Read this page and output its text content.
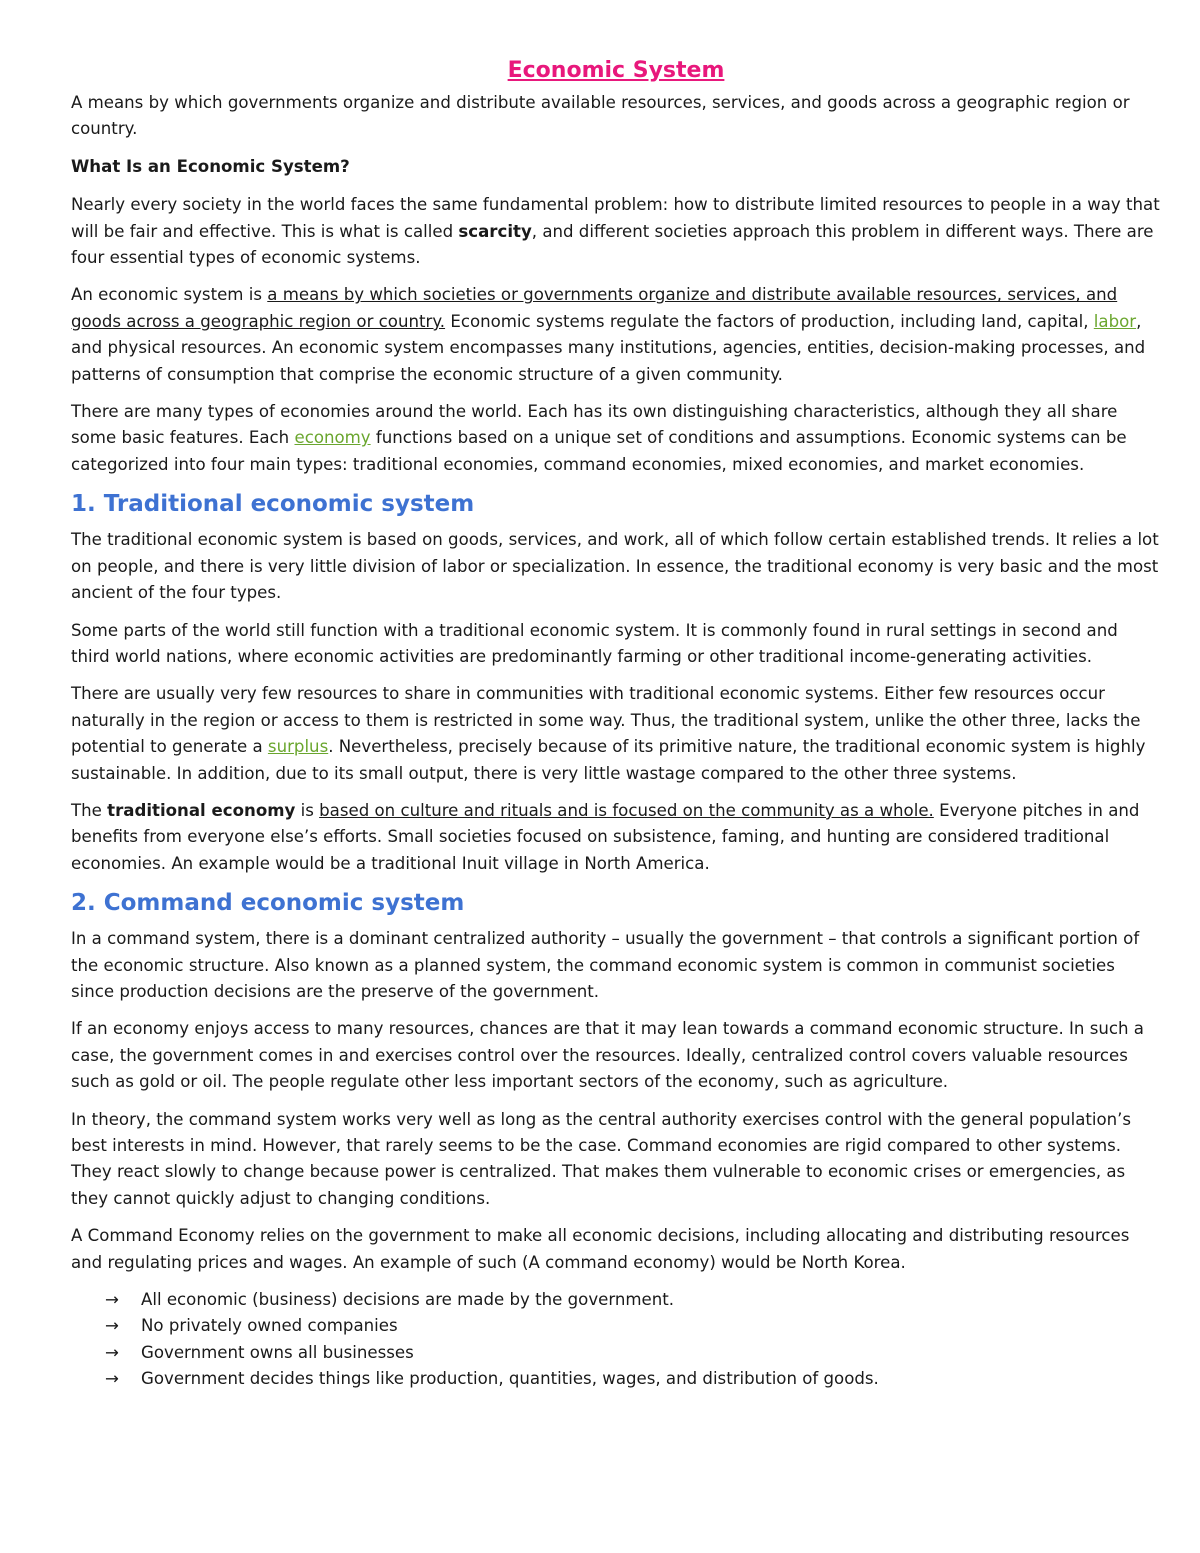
Economic System

A means by which governments organize and distribute available resources, services, and goods across a geographic region or country.

What Is an Economic System?

Nearly every society in the world faces the same fundamental problem: how to distribute limited resources to people in a way that will be fair and effective. This is what is called scarcity, and different societies approach this problem in different ways. There are four essential types of economic systems.

An economic system is a means by which societies or governments organize and distribute available resources, services, and goods across a geographic region or country. Economic systems regulate the factors of production, including land, capital, labor, and physical resources. An economic system encompasses many institutions, agencies, entities, decision-making processes, and patterns of consumption that comprise the economic structure of a given community.

There are many types of economies around the world. Each has its own distinguishing characteristics, although they all share some basic features. Each economy functions based on a unique set of conditions and assumptions. Economic systems can be categorized into four main types: traditional economies, command economies, mixed economies, and market economies.

1. Traditional economic system

The traditional economic system is based on goods, services, and work, all of which follow certain established trends. It relies a lot on people, and there is very little division of labor or specialization. In essence, the traditional economy is very basic and the most ancient of the four types.

Some parts of the world still function with a traditional economic system. It is commonly found in rural settings in second and third world nations, where economic activities are predominantly farming or other traditional income-generating activities.

There are usually very few resources to share in communities with traditional economic systems. Either few resources occur naturally in the region or access to them is restricted in some way. Thus, the traditional system, unlike the other three, lacks the potential to generate a surplus. Nevertheless, precisely because of its primitive nature, the traditional economic system is highly sustainable. In addition, due to its small output, there is very little wastage compared to the other three systems.

The traditional economy is based on culture and rituals and is focused on the community as a whole. Everyone pitches in and benefits from everyone else’s efforts. Small societies focused on subsistence, faming, and hunting are considered traditional economies. An example would be a traditional Inuit village in North America.

2. Command economic system

In a command system, there is a dominant centralized authority – usually the government – that controls a significant portion of the economic structure. Also known as a planned system, the command economic system is common in communist societies since production decisions are the preserve of the government.

If an economy enjoys access to many resources, chances are that it may lean towards a command economic structure. In such a case, the government comes in and exercises control over the resources. Ideally, centralized control covers valuable resources such as gold or oil. The people regulate other less important sectors of the economy, such as agriculture.

In theory, the command system works very well as long as the central authority exercises control with the general population’s best interests in mind. However, that rarely seems to be the case. Command economies are rigid compared to other systems. They react slowly to change because power is centralized. That makes them vulnerable to economic crises or emergencies, as they cannot quickly adjust to changing conditions.

A Command Economy relies on the government to make all economic decisions, including allocating and distributing resources and regulating prices and wages. An example of such (A command economy) would be North Korea.

→	All economic (business) decisions are made by the government.
→	No privately owned companies
→	Government owns all businesses
→	Government decides things like production, quantities, wages, and distribution of goods.
